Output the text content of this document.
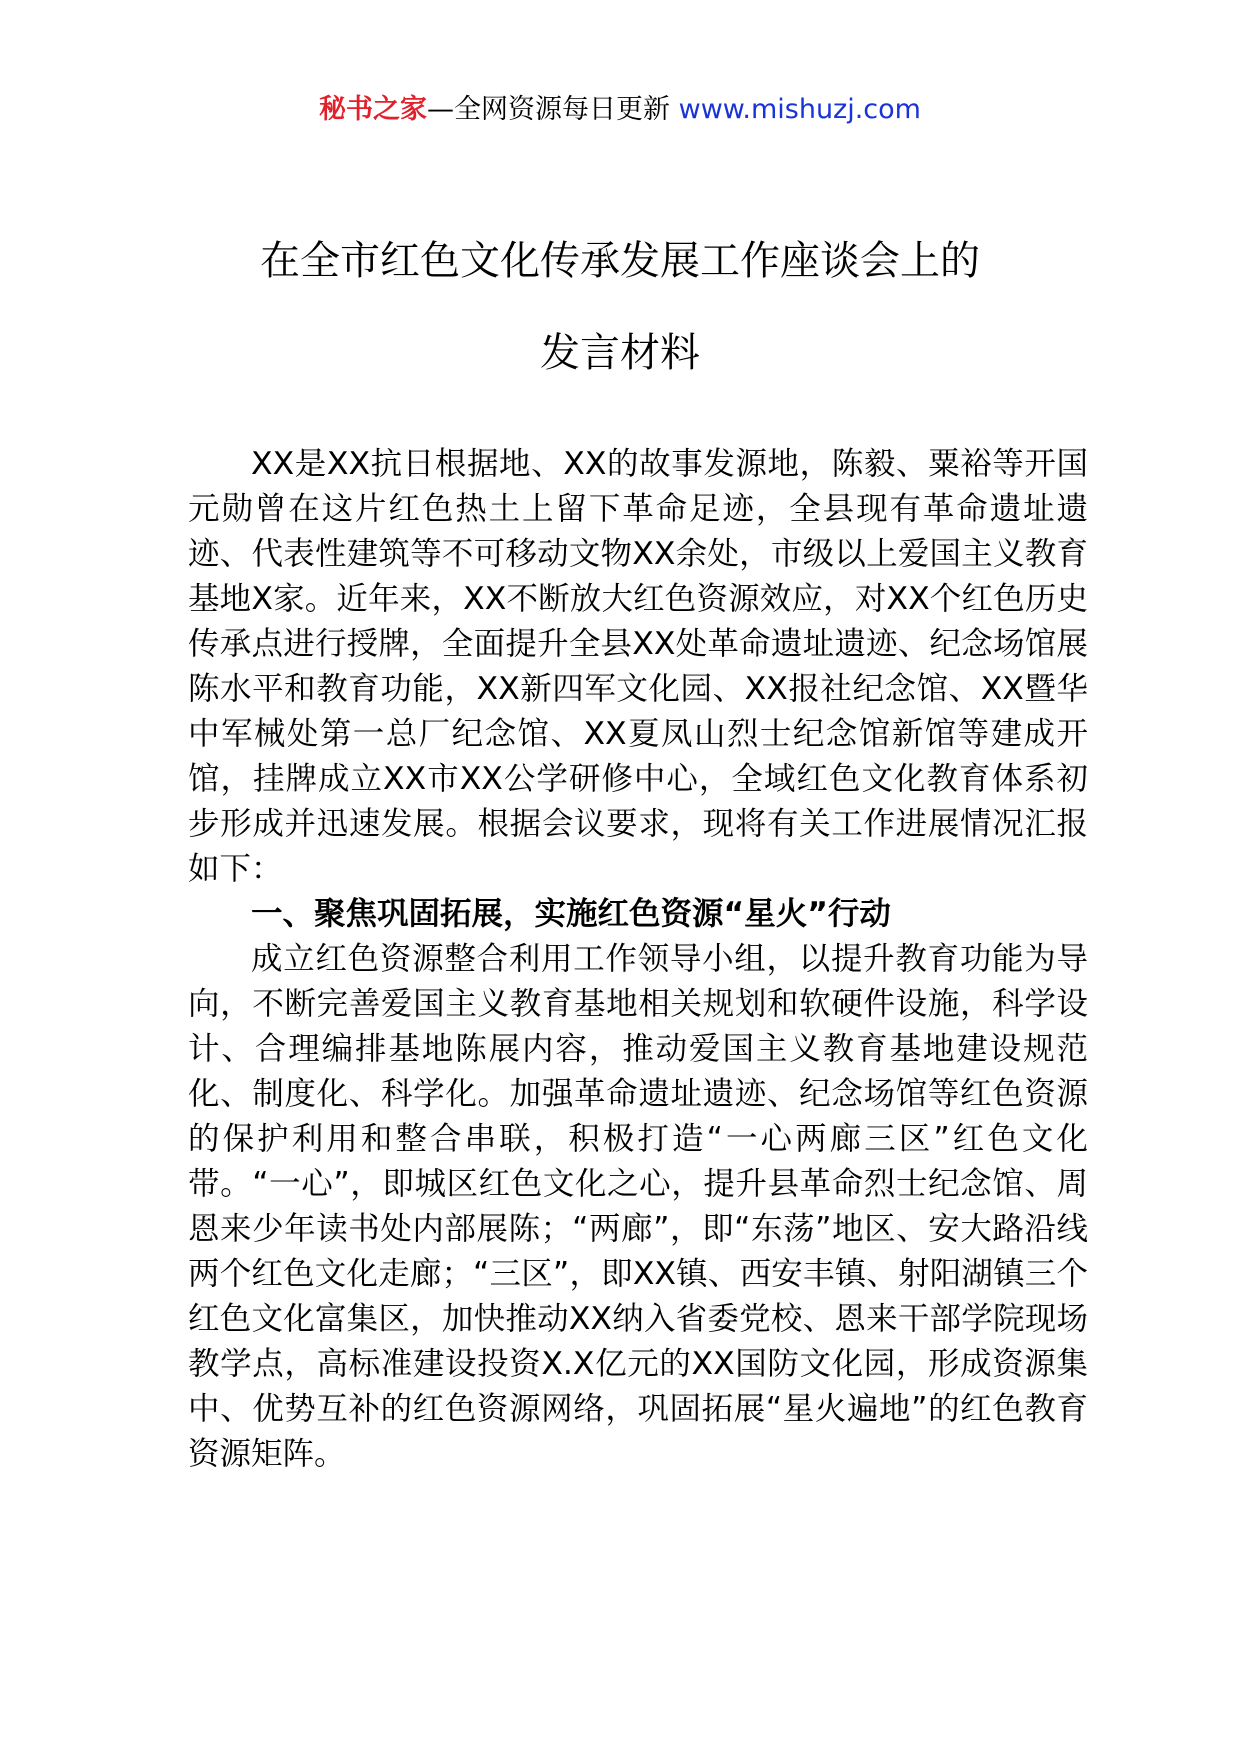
秘书之家—全网资源每日更新 www.mishuzj.com
在全市红色文化传承发展工作座谈会上的
发言材料

XX是XX抗日根据地、XX的故事发源地，陈毅、粟裕等开国元勋曾在这片红色热土上留下革命足迹，全县现有革命遗址遗迹、代表性建筑等不可移动文物XX余处，市级以上爱国主义教育基地X家。近年来，XX不断放大红色资源效应，对XX个红色历史传承点进行授牌，全面提升全县XX处革命遗址遗迹、纪念场馆展陈水平和教育功能，XX新四军文化园、XX报社纪念馆、XX暨华中军械处第一总厂纪念馆、XX夏凤山烈士纪念馆新馆等建成开馆，挂牌成立XX市XX公学研修中心，全域红色文化教育体系初步形成并迅速发展。根据会议要求，现将有关工作进展情况汇报如下：

一、聚焦巩固拓展，实施红色资源“星火”行动

成立红色资源整合利用工作领导小组，以提升教育功能为导向，不断完善爱国主义教育基地相关规划和软硬件设施，科学设计、合理编排基地陈展内容，推动爱国主义教育基地建设规范化、制度化、科学化。加强革命遗址遗迹、纪念场馆等红色资源的保护利用和整合串联，积极打造“一心两廊三区”红色文化带。“一心”，即城区红色文化之心，提升县革命烈士纪念馆、周恩来少年读书处内部展陈；“两廊”，即“东荡”地区、安大路沿线两个红色文化走廊；“三区”，即XX镇、西安丰镇、射阳湖镇三个红色文化富集区，加快推动XX纳入省委党校、恩来干部学院现场教学点，高标准建设投资X.X亿元的XX国防文化园，形成资源集中、优势互补的红色资源网络，巩固拓展“星火遍地”的红色教育资源矩阵。
